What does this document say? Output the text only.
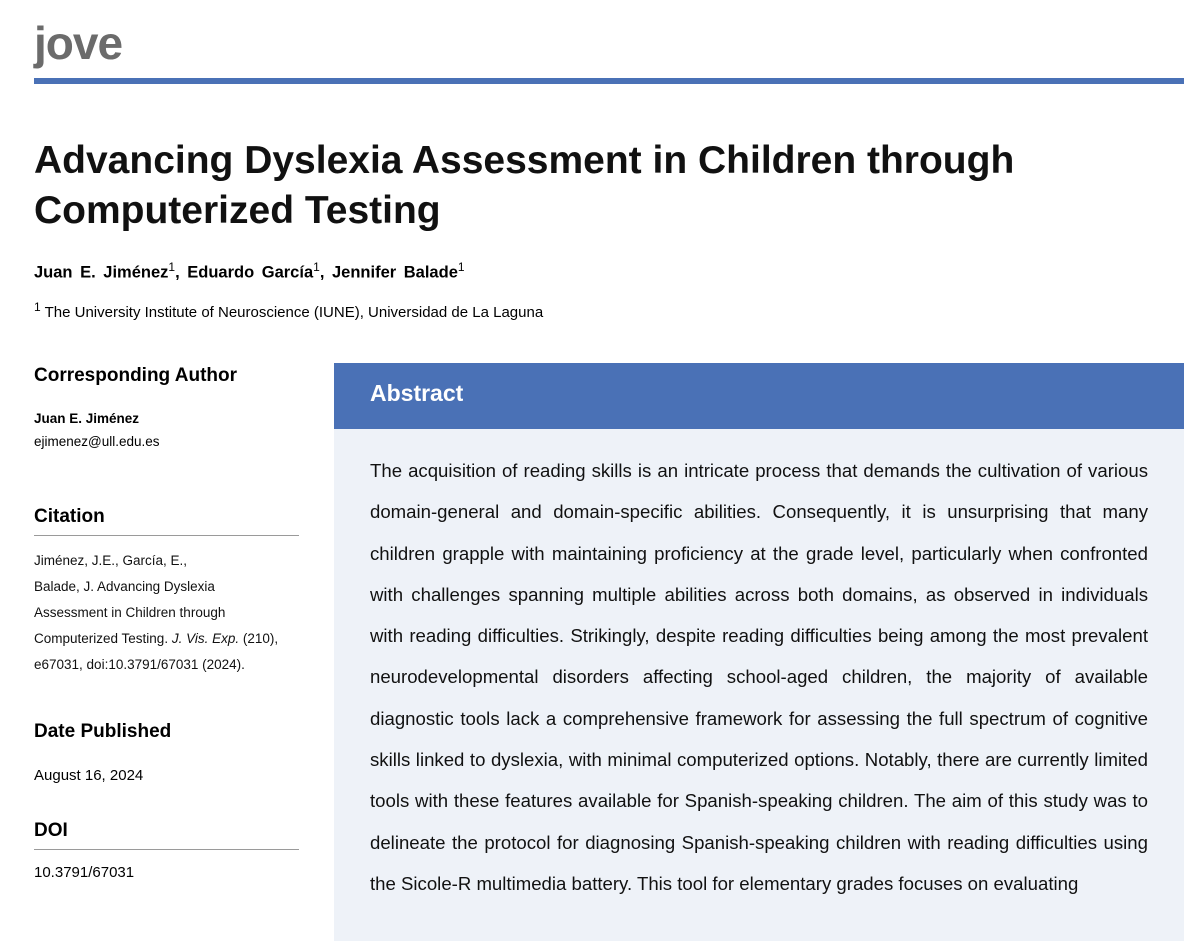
jove
Advancing Dyslexia Assessment in Children through Computerized Testing
Juan E. Jiménez$^1$, Eduardo García$^1$, Jennifer Balade$^1$
$^1$ The University Institute of Neuroscience (IUNE), Universidad de La Laguna
Corresponding Author
Juan E. Jiménez
ejimenez@ull.edu.es
Citation
Jiménez, J.E., García, E.,
Balade, J. Advancing Dyslexia
Assessment in Children through
Computerized Testing. J. Vis. Exp. (210),
e67031, doi:10.3791/67031 (2024).
Date Published
August 16, 2024
DOI
10.3791/67031
Abstract

The acquisition of reading skills is an intricate process that demands the cultivation of various domain-general and domain-specific abilities. Consequently, it is unsurprising that many children grapple with maintaining proficiency at the grade level, particularly when confronted with challenges spanning multiple abilities across both domains, as observed in individuals with reading difficulties. Strikingly, despite reading difficulties being among the most prevalent neurodevelopmental disorders affecting school-aged children, the majority of available diagnostic tools lack a comprehensive framework for assessing the full spectrum of cognitive skills linked to dyslexia, with minimal computerized options. Notably, there are currently limited tools with these features available for Spanish-speaking children. The aim of this study was to delineate the protocol for diagnosing Spanish-speaking children with reading difficulties using the Sicole-R multimedia battery. This tool for elementary grades focuses on evaluating
